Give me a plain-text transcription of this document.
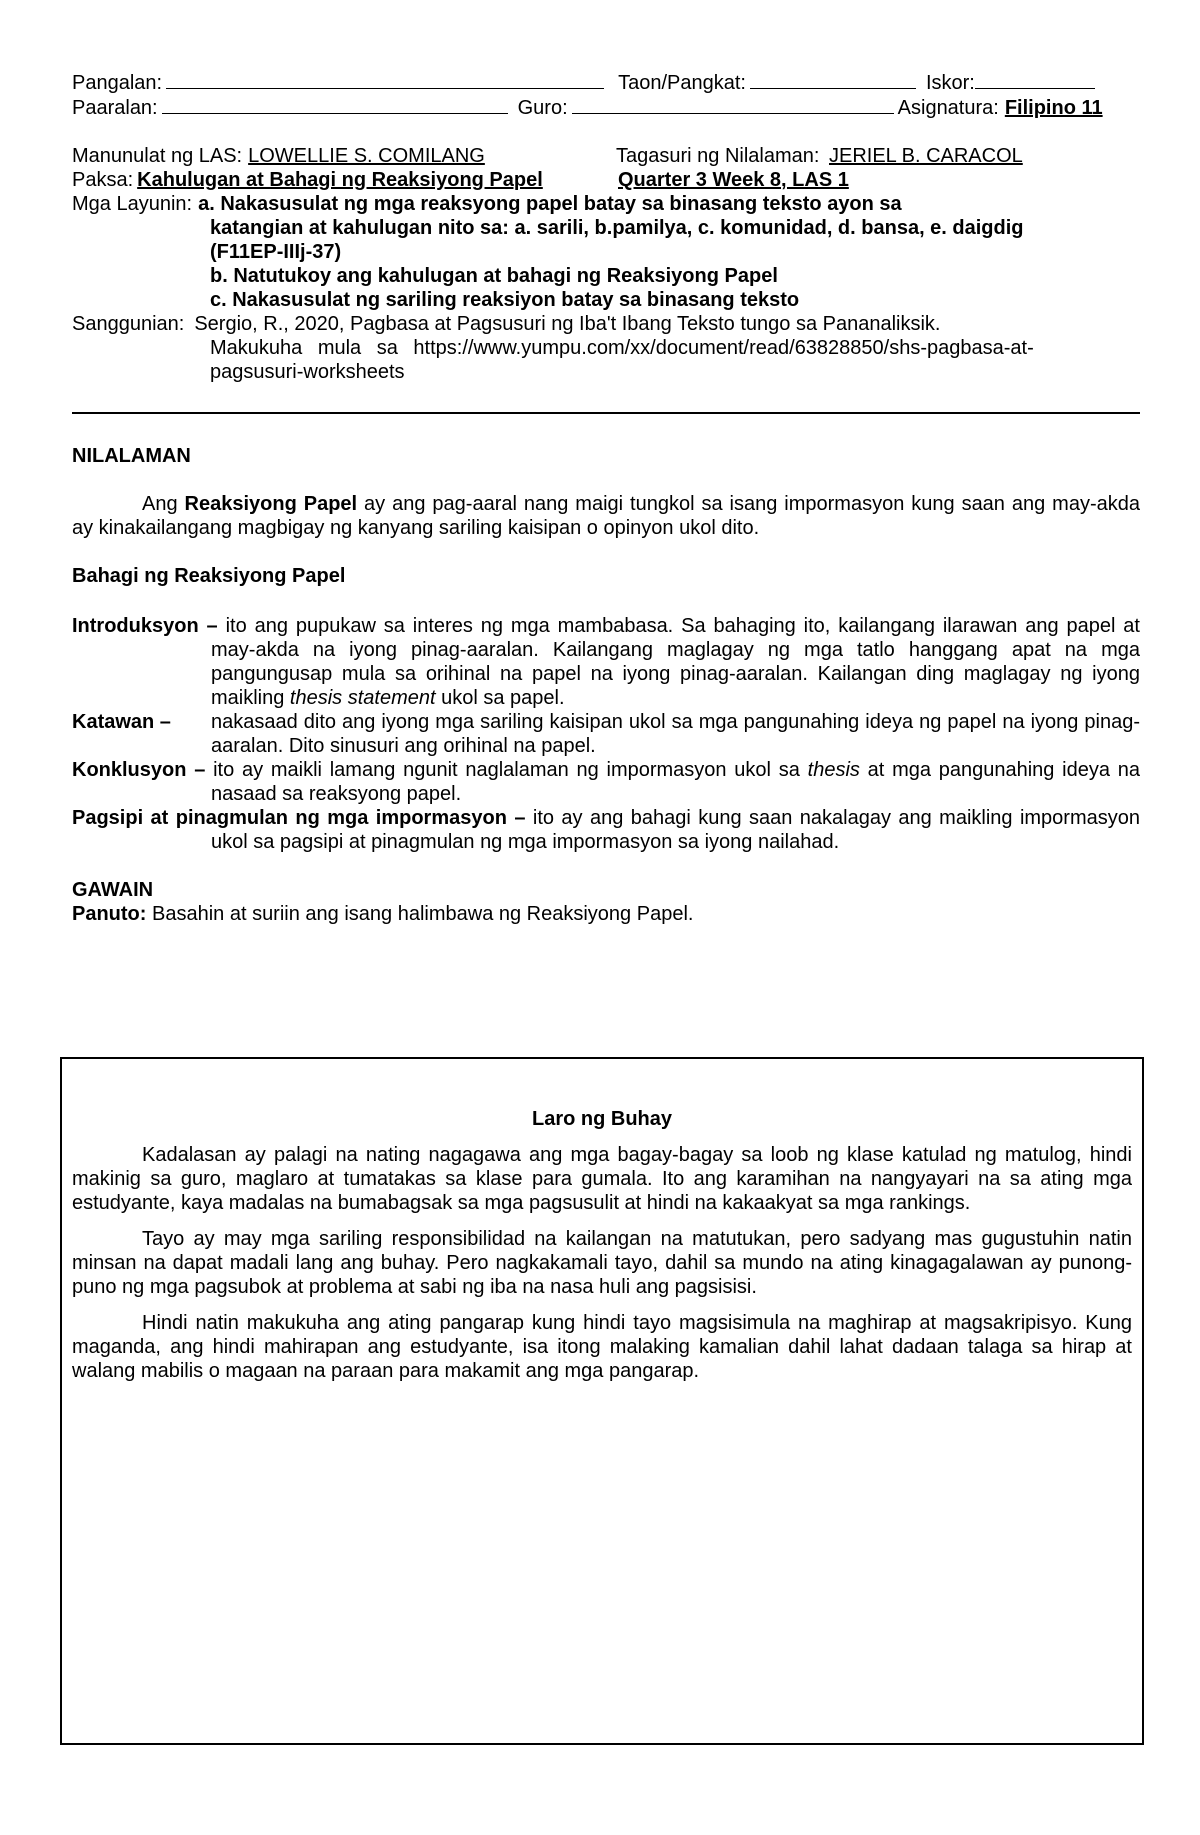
Pangalan:	Taon/Pangkat:	Iskor:
Paaralan:	Guro:	Asignatura: Filipino 11
Manunulat ng LAS: LOWELLIE S. COMILANG	Tagasuri ng Nilalaman: JERIEL B. CARACOL
Paksa: Kahulugan at Bahagi ng Reaksiyong Papel	Quarter 3 Week 8, LAS 1
Mga Layunin: a. Nakasusulat ng mga reaksyong papel batay sa binasang teksto ayon sa
katangian at kahulugan nito sa: a. sarili, b.pamilya, c. komunidad, d. bansa, e. daigdig
(F11EP-IIIj-37)
b. Natutukoy ang kahulugan at bahagi ng Reaksiyong Papel
c. Nakasusulat ng sariling reaksiyon batay sa binasang teksto
Sanggunian: Sergio, R., 2020, Pagbasa at Pagsusuri ng Iba't Ibang Teksto tungo sa Pananaliksik.
Makukuha mula sa https://www.yumpu.com/xx/document/read/63828850/shs-pagbasa-at-
pagsusuri-worksheets
NILALAMAN

Ang Reaksiyong Papel ay ang pag-aaral nang maigi tungkol sa isang impormasyon kung saan ang may-akda ay kinakailangang magbigay ng kanyang sariling kaisipan o opinyon ukol dito.

Bahagi ng Reaksiyong Papel

Introduksyon – ito ang pupukaw sa interes ng mga mambabasa. Sa bahaging ito, kailangang ilarawan ang papel at may-akda na iyong pinag-aaralan. Kailangang maglagay ng mga tatlo hanggang apat na mga pangungusap mula sa orihinal na papel na iyong pinag-aaralan. Kailangan ding maglagay ng iyong maikling thesis statement ukol sa papel.

Katawan – nakasaad dito ang iyong mga sariling kaisipan ukol sa mga pangunahing ideya ng papel na iyong pinag-aaralan. Dito sinusuri ang orihinal na papel.

Konklusyon – ito ay maikli lamang ngunit naglalaman ng impormasyon ukol sa thesis at mga pangunahing ideya na nasaad sa reaksyong papel.

Pagsipi at pinagmulan ng mga impormasyon – ito ay ang bahagi kung saan nakalagay ang maikling impormasyon ukol sa pagsipi at pinagmulan ng mga impormasyon sa iyong nailahad.

GAWAIN

Panuto: Basahin at suriin ang isang halimbawa ng Reaksiyong Papel.

Laro ng Buhay

Kadalasan ay palagi na nating nagagawa ang mga bagay-bagay sa loob ng klase katulad ng matulog, hindi makinig sa guro, maglaro at tumatakas sa klase para gumala. Ito ang karamihan na nangyayari na sa ating mga estudyante, kaya madalas na bumabagsak sa mga pagsusulit at hindi na kakaakyat sa mga rankings.

Tayo ay may mga sariling responsibilidad na kailangan na matutukan, pero sadyang mas gugustuhin natin minsan na dapat madali lang ang buhay. Pero nagkakamali tayo, dahil sa mundo na ating kinagagalawan ay punong-puno ng mga pagsubok at problema at sabi ng iba na nasa huli ang pagsisisi.

Hindi natin makukuha ang ating pangarap kung hindi tayo magsisimula na maghirap at magsakripisyo. Kung maganda, ang hindi mahirapan ang estudyante, isa itong malaking kamalian dahil lahat dadaan talaga sa hirap at walang mabilis o magaan na paraan para makamit ang mga pangarap.
